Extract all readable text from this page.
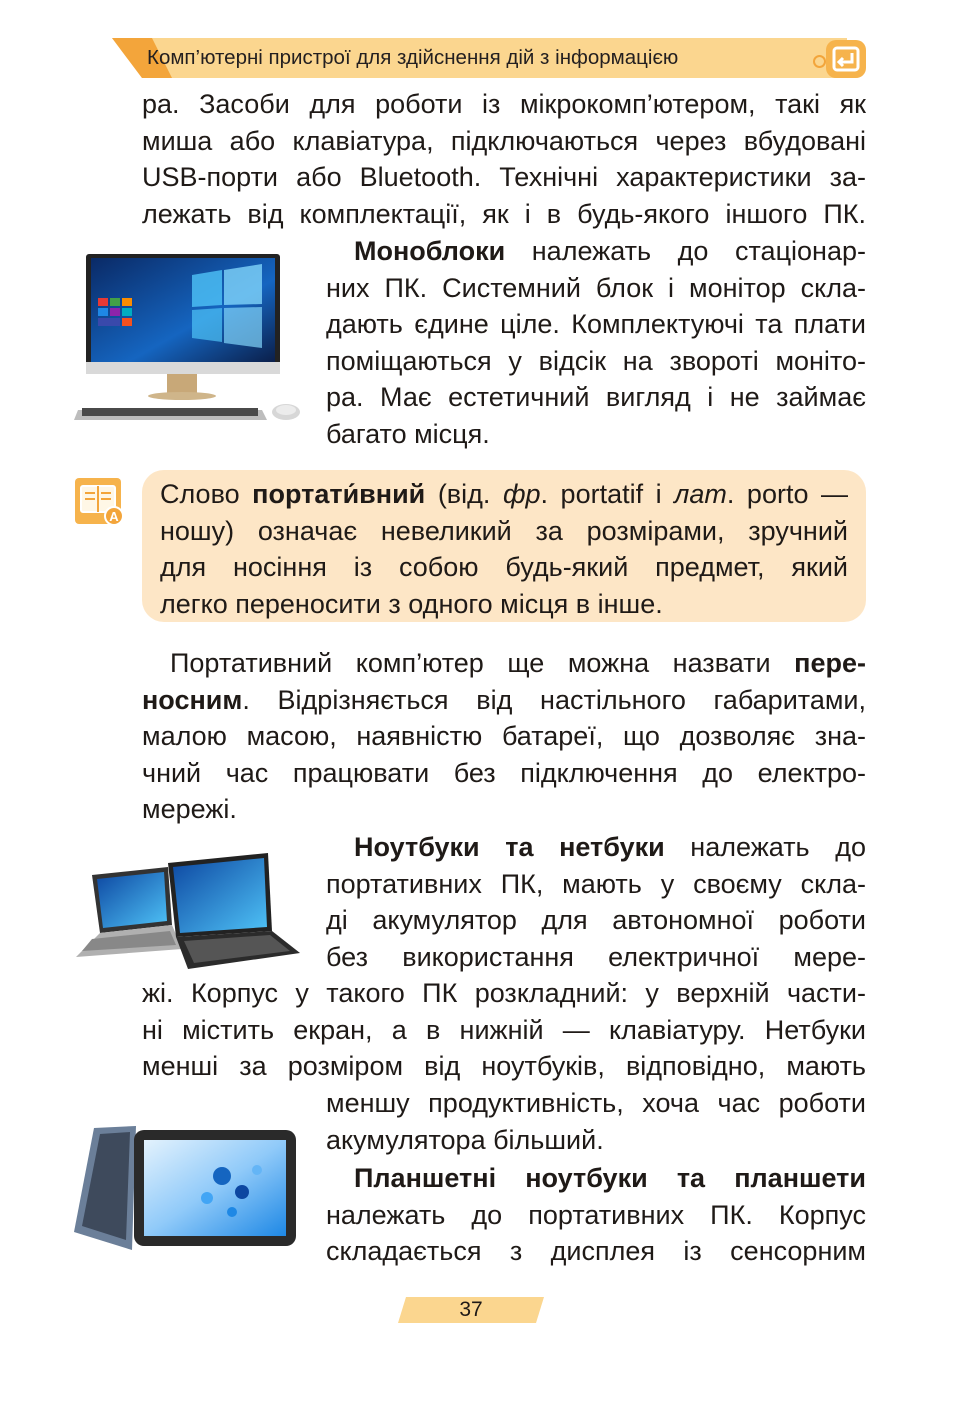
Комп’ютерні пристрої для здійснення дій з інформацією
ра. Засоби для роботи із мікрокомп’ютером, такі як
миша або клавіатура, підключаються через вбудовані
USB-порти або Bluetooth. Технічні характеристики за-
лежать від комплектації, як і в будь-якого іншого ПК.
Моноблоки належать до стаціонар-
них ПК. Системний блок і монітор скла-
дають єдине ціле. Комплектуючі та плати
поміщаються у відсік на звороті моніто-
ра. Має естетичний вигляд і не займає
багато місця.
A
Слово портати́вний (від. фр. portatif і лат. porto —
ношу) означає невеликий за розмірами, зручний
для носіння із собою будь-який предмет, який
легко переносити з одного місця в інше.
Портативний комп’ютер ще можна назвати пере-
носним. Відрізняється від настільного габаритами,
малою масою, наявністю батареї, що дозволяє зна-
чний час працювати без підключення до електро-
мережі.
Ноутбуки та нетбуки належать до
портативних ПК, мають у своєму скла-
ді акумулятор для автономної роботи
без використання електричної мере-
жі. Корпус у такого ПК розкладний: у верхній части-
ні містить екран, а в нижній — клавіатуру. Нетбуки
менші за розміром від ноутбуків, відповідно, мають
меншу продуктивність, хоча час роботи
акумулятора більший.
Планшетні ноутбуки та планшети
належать до портативних ПК. Корпус
складається з дисплея із сенсорним
37
